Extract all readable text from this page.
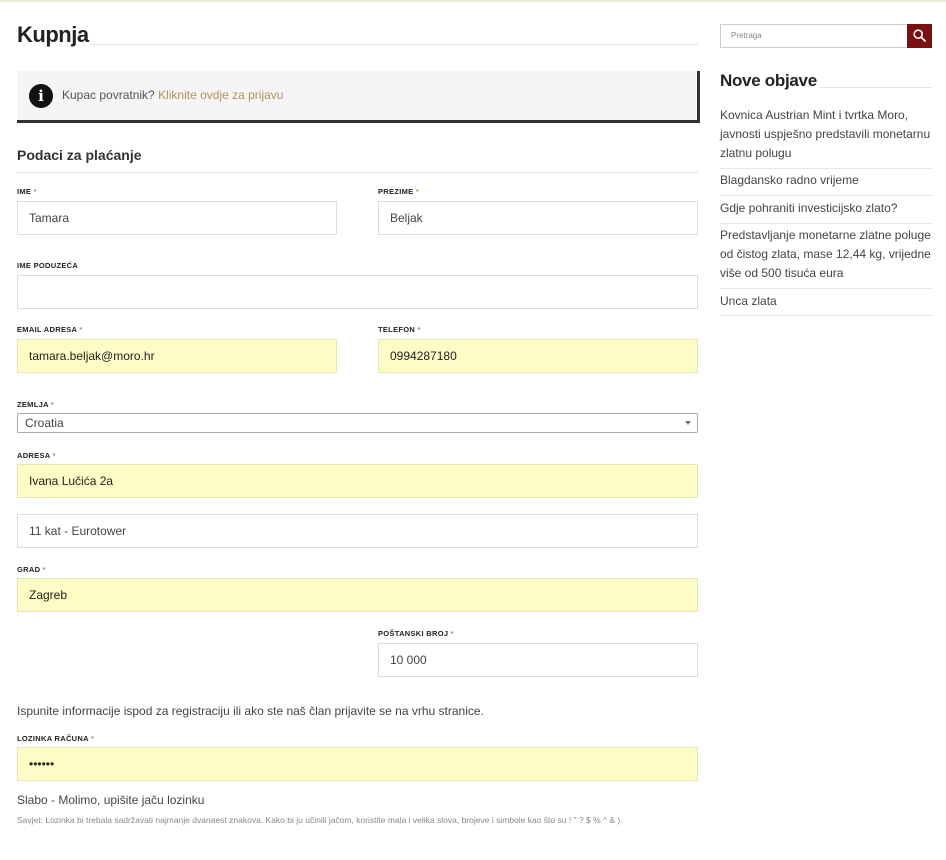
Kupnja
i	Kupac povratnik? Kliknite ovdje za prijavu
Podaci za plaćanje
IME *
Tamara
PREZIME *
Beljak
IME PODUZEĆA
EMAIL ADRESA *
tamara.beljak@moro.hr
TELEFON *
0994287180
ZEMLJA *
Croatia
ADRESA *
Ivana Lučića 2a
11 kat - Eurotower
GRAD *
Zagreb
POŠTANSKI BROJ *
10 000
Ispunite informacije ispod za registraciju ili ako ste naš član prijavite se na vrhu stranice.
LOZINKA RAČUNA *
••••••
Slabo - Molimo, upišite jaču lozinku
Savjet: Lozinka bi trebala sadržavati najmanje dvanaest znakova. Kako bi ju učinili jačom, koristite mala i velika slova, brojeve i simbole kao što su ! " ? $ % ^ & ).
Pretraga
Nove objave
Kovnica Austrian Mint i tvrtka Moro, javnosti uspješno predstavili monetarnu zlatnu polugu
Blagdansko radno vrijeme
Gdje pohraniti investicijsko zlato?
Predstavljanje monetarne zlatne poluge od čistog zlata, mase 12,44 kg, vrijedne više od 500 tisuća eura
Unca zlata
